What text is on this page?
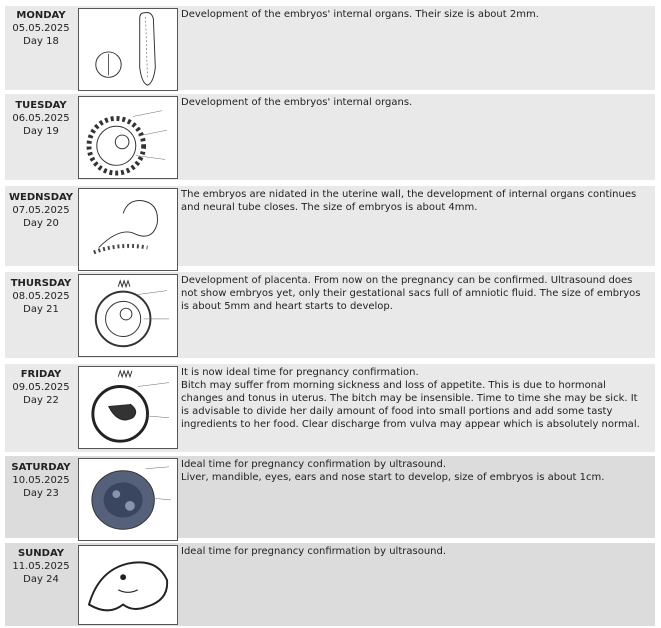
MONDAY
05.05.2025
Day 18
Development of the embryos' internal organs. Their size is about 2mm.
TUESDAY
06.05.2025
Day 19
Development of the embryos' internal organs.
WEDNSDAY
07.05.2025
Day 20
The embryos are nidated in the uterine wall, the development of internal organs continues and neural tube closes. The size of embryos is about 4mm.
THURSDAY
08.05.2025
Day 21
Development of placenta. From now on the pregnancy can be confirmed. Ultrasound does not show embryos yet, only their gestational sacs full of amniotic fluid. The size of embryos is about 5mm and heart starts to develop.
FRIDAY
09.05.2025
Day 22
It is now ideal time for pregnancy confirmation.
Bitch may suffer from morning sickness and loss of appetite. This is due to hormonal changes and tonus in uterus. The bitch may be insensible. Time to time she may be sick. It is advisable to divide her daily amount of food into small portions and add some tasty ingredients to her food. Clear discharge from vulva may appear which is absolutely normal.
SATURDAY
10.05.2025
Day 23
Ideal time for pregnancy confirmation by ultrasound.
Liver, mandible, eyes, ears and nose start to develop, size of embryos is about 1cm.
SUNDAY
11.05.2025
Day 24
Ideal time for pregnancy confirmation by ultrasound.
